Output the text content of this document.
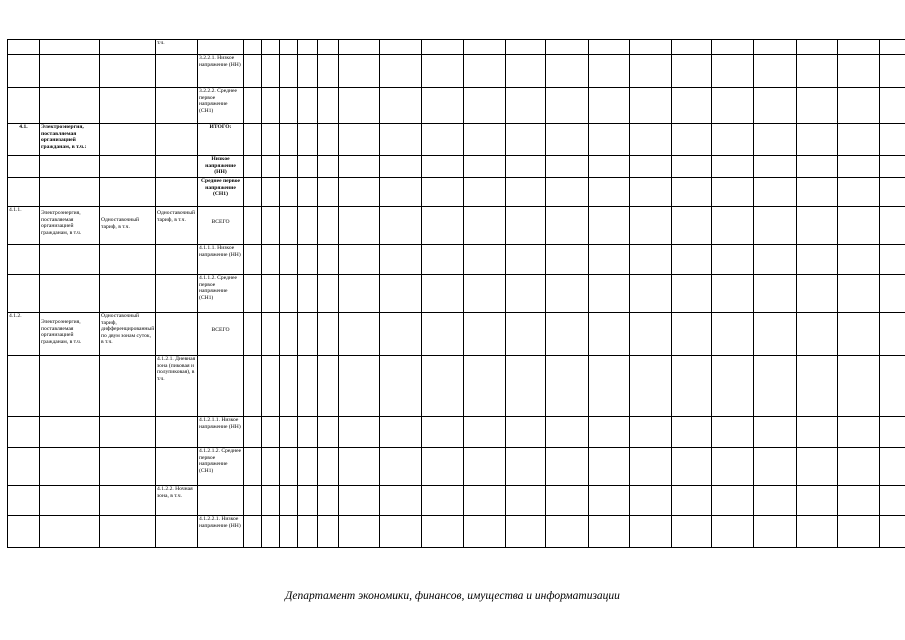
			т.ч.																						
				3.2.2.1. Низкое напряжение (НН)																					
				3.2.2.2. Среднее первое напряжение (СН1)																					
4.1.	Электроэнергия, поставляемая организацией гражданам, в т.ч.:			ИТОГО:																					
				Низкое напряжение (НН)																					
				Среднее первое напряжение (СН1)																					
4.1.1.	Электроэнергия, поставляемая организацией гражданам, в т.ч.	Одноставочный тариф, в т.ч.	Одноставочный тариф, в т.ч.	ВСЕГО																					
				4.1.1.1. Низкое напряжение (НН)																					
				4.1.1.2. Среднее первое напряжение (СН1)																					
4.1.2.	Электроэнергия, поставляемая организацией гражданам, в т.ч.	Одноставочный тариф, дифференцированный по двум зонам суток, в т.ч.		ВСЕГО																					
			4.1.2.1. Дневная зона (пиковая и полупиковая), в т.ч.																						
				4.1.2.1.1. Низкое напряжение (НН)																					
				4.1.2.1.2. Среднее первое напряжение (СН1)																					
			4.1.2.2. Ночная зона, в т.ч.																						
				4.1.2.2.1. Низкое напряжение (НН)																					
Департамент экономики, финансов, имущества и информатизации
